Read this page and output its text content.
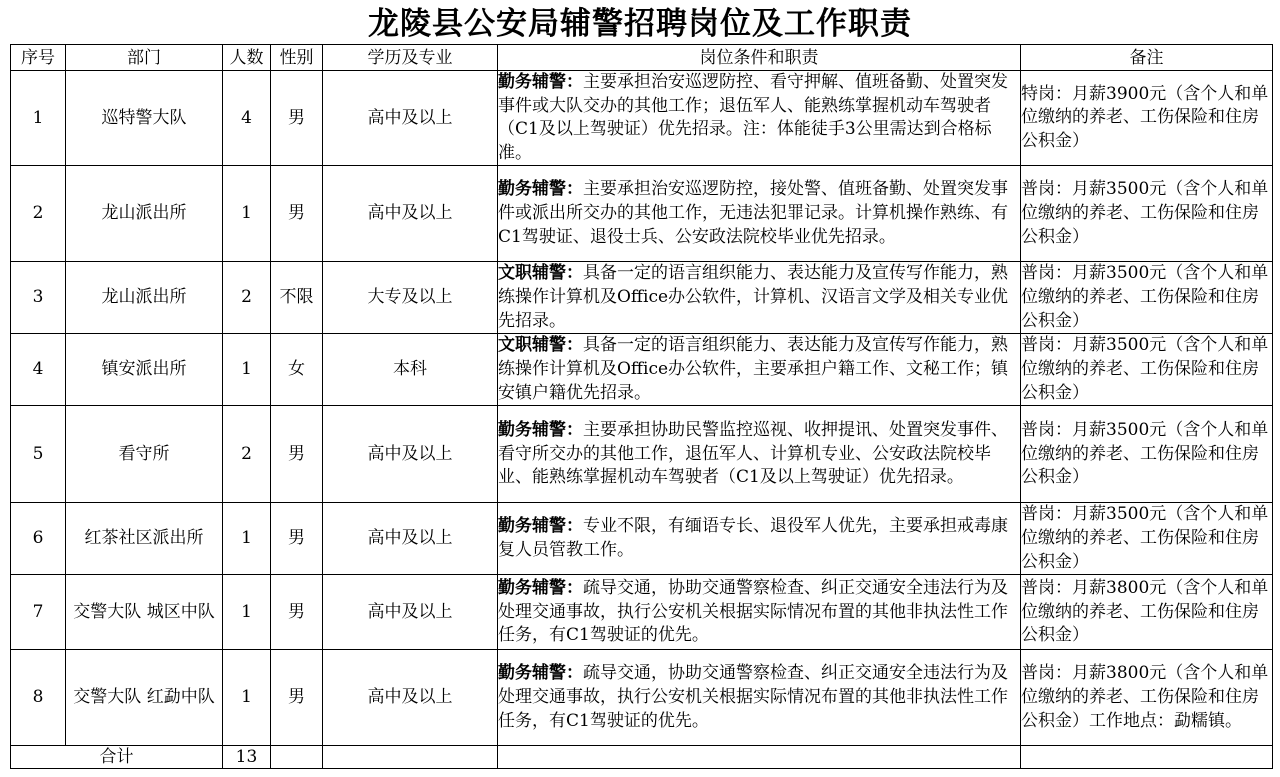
龙陵县公安局辅警招聘岗位及工作职责
序号	部门	人数	性别	学历及专业	岗位条件和职责	备注
1	巡特警大队	4	男	高中及以上	勤务辅警：主要承担治安巡逻防控、看守押解、值班备勤、处置突发事件或大队交办的其他工作；退伍军人、能熟练掌握机动车驾驶者（C1及以上驾驶证）优先招录。注：体能徒手3公里需达到合格标准。	特岗：月薪3900元（含个人和单位缴纳的养老、工伤保险和住房公积金）
2	龙山派出所	1	男	高中及以上	勤务辅警：主要承担治安巡逻防控，接处警、值班备勤、处置突发事件或派出所交办的其他工作，无违法犯罪记录。计算机操作熟练、有C1驾驶证、退役士兵、公安政法院校毕业优先招录。	普岗：月薪3500元（含个人和单位缴纳的养老、工伤保险和住房公积金）
3	龙山派出所	2	不限	大专及以上	文职辅警：具备一定的语言组织能力、表达能力及宣传写作能力，熟练操作计算机及Office办公软件，计算机、汉语言文学及相关专业优先招录。	普岗：月薪3500元（含个人和单位缴纳的养老、工伤保险和住房公积金）
4	镇安派出所	1	女	本科	文职辅警：具备一定的语言组织能力、表达能力及宣传写作能力，熟练操作计算机及Office办公软件，主要承担户籍工作、文秘工作；镇安镇户籍优先招录。	普岗：月薪3500元（含个人和单位缴纳的养老、工伤保险和住房公积金）
5	看守所	2	男	高中及以上	勤务辅警：主要承担协助民警监控巡视、收押提讯、处置突发事件、看守所交办的其他工作，退伍军人、计算机专业、公安政法院校毕业、能熟练掌握机动车驾驶者（C1及以上驾驶证）优先招录。	普岗：月薪3500元（含个人和单位缴纳的养老、工伤保险和住房公积金）
6	红茶社区派出所	1	男	高中及以上	勤务辅警：专业不限，有缅语专长、退役军人优先，主要承担戒毒康复人员管教工作。	普岗：月薪3500元（含个人和单位缴纳的养老、工伤保险和住房公积金）
7	交警大队 城区中队	1	男	高中及以上	勤务辅警：疏导交通，协助交通警察检查、纠正交通安全违法行为及处理交通事故，执行公安机关根据实际情况布置的其他非执法性工作任务，有C1驾驶证的优先。	普岗：月薪3800元（含个人和单位缴纳的养老、工伤保险和住房公积金）
8	交警大队 红勐中队	1	男	高中及以上	勤务辅警：疏导交通，协助交通警察检查、纠正交通安全违法行为及处理交通事故，执行公安机关根据实际情况布置的其他非执法性工作任务，有C1驾驶证的优先。	普岗：月薪3800元（含个人和单位缴纳的养老、工伤保险和住房公积金）工作地点：勐糯镇。
合计		13				
